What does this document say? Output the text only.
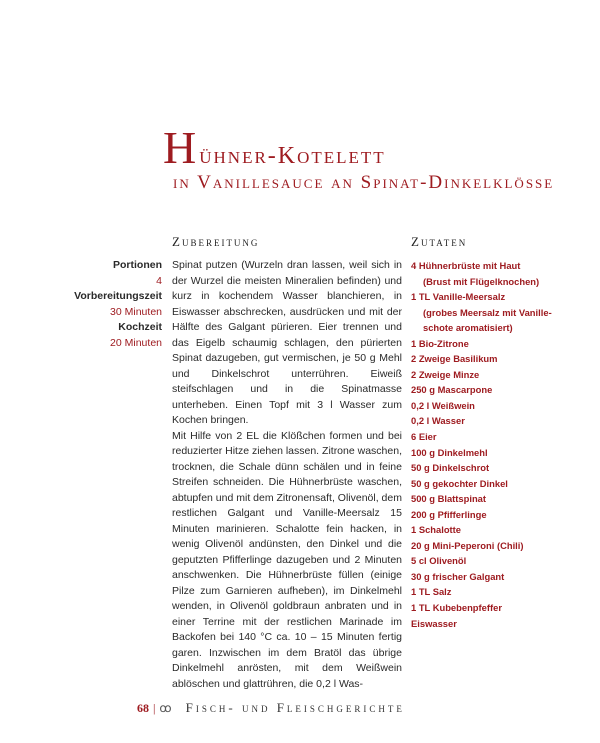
H ühner-Kotelett
in Vanillesauce an Spinat-Dinkelklösse
Zubereitung	Zutaten
Portionen
4
Vorbereitungszeit
30 Minuten
Kochzeit
20 Minuten

Spinat putzen (Wurzeln dran lassen, weil sich in der Wurzel die meisten Mineralien befinden) und kurz in kochendem Wasser blanchieren, in Eiswasser abschrecken, ausdrücken und mit der Hälfte des Galgant pürieren. Eier trennen und das Eigelb schaumig schlagen, den pürierten Spinat dazugeben, gut vermischen, je 50 g Mehl und Dinkelschrot unterrühren. Eiweiß steifschlagen und in die Spinatmasse unterheben. Einen Topf mit 3 l Wasser zum Kochen bringen.

Mit Hilfe von 2 EL die Klößchen formen und bei reduzierter Hitze ziehen lassen. Zitrone waschen, trocknen, die Schale dünn schälen und in feine Streifen schneiden. Die Hühnerbrüste waschen, abtupfen und mit dem Zitronensaft, Olivenöl, dem restlichen Galgant und Vanille-Meersalz 15 Minuten marinieren. Schalotte fein hacken, in wenig Olivenöl andünsten, den Dinkel und die geputzten Pfifferlinge dazugeben und 2 Minuten anschwenken. Die Hühnerbrüste füllen (einige Pilze zum Garnieren aufheben), im Dinkelmehl wenden, in Olivenöl goldbraun anbraten und in einer Terrine mit der restlichen Marinade im Backofen bei 140 °C ca. 10 – 15 Minuten fertig garen. Inzwischen im dem Bratöl das übrige Dinkelmehl anrösten, mit dem Weißwein ablöschen und glattrühren, die 0,2 l Was-

4 Hühnerbrüste mit Haut
(Brust mit Flügelknochen)
1 TL Vanille-Meersalz
(grobes Meersalz mit Vanille-
schote aromatisiert)
1 Bio-Zitrone
2 Zweige Basilikum
2 Zweige Minze
250 g Mascarpone
0,2 l Weißwein
0,2 l Wasser
6 Eier
100 g Dinkelmehl
50 g Dinkelschrot
50 g gekochter Dinkel
500 g Blattspinat
200 g Pfifferlinge
1 Schalotte
20 g Mini-Peperoni (Chili)
5 cl Olivenöl
30 g frischer Galgant
1 TL Salz
1 TL Kubebenpfeffer
Eiswasser
68 | ꝏ Fisch- und Fleischgerichte
